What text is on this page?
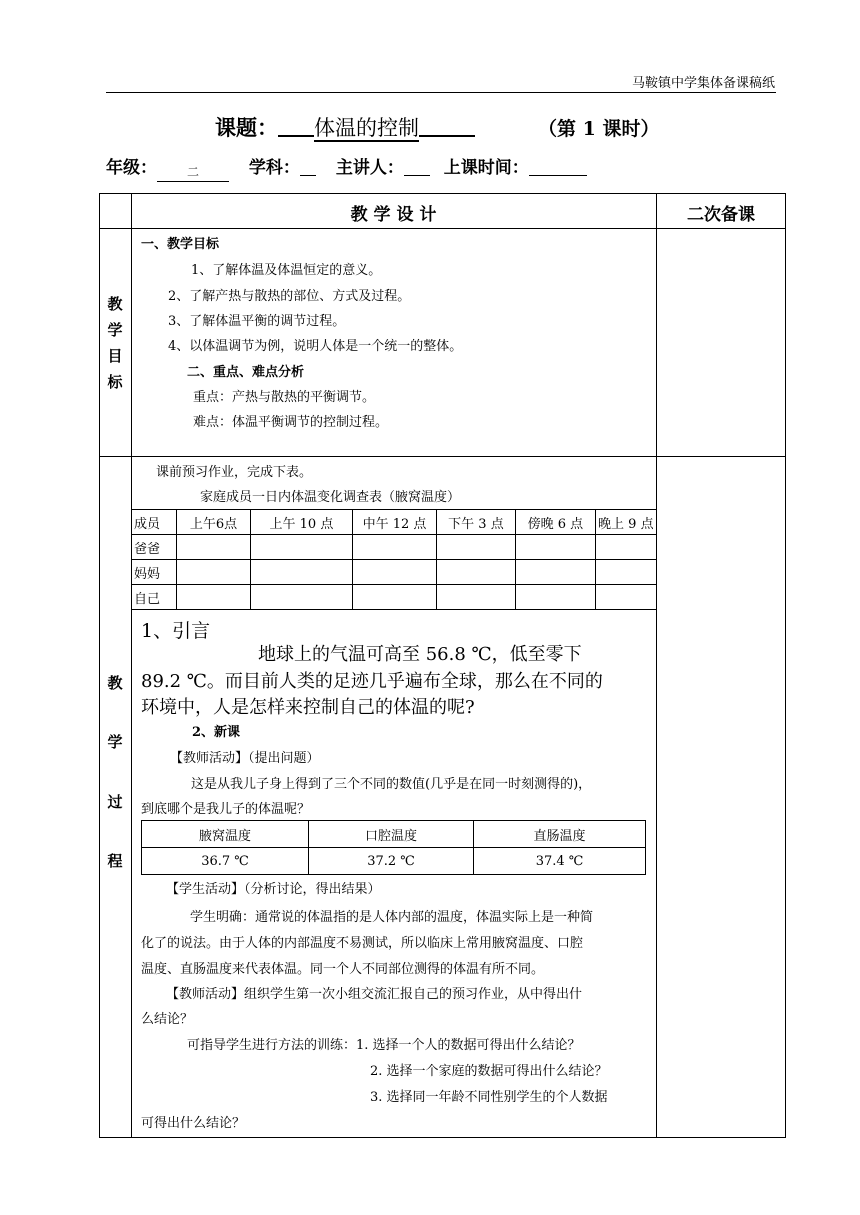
马鞍镇中学集体备课稿纸
课题： 体温的控制	（第 1 课时）
年级： 二	学科： 主讲人： 上课时间：
教 学 设 计	二次备课
教
学
目
标
一、教学目标
1、了解体温及体温恒定的意义。
2、了解产热与散热的部位、方式及过程。
3、了解体温平衡的调节过程。
4、以体温调节为例，说明人体是一个统一的整体。
二、重点、难点分析
重点：产热与散热的平衡调节。
难点：体温平衡调节的控制过程。
教
学
过
程
课前预习作业，完成下表。
家庭成员一日内体温变化调查表（腋窝温度）
成员	上午6点	上午 10 点	中午 12 点	下午 3 点	傍晚 6 点	晚上 9 点
爸爸						
妈妈						
自己						
1、引言
地球上的气温可高至 56.8 ℃，低至零下
89.2 ℃。而目前人类的足迹几乎遍布全球，那么在不同的
环境中，人是怎样来控制自己的体温的呢?
2、新课
【教师活动】（提出问题）
这是从我儿子身上得到了三个不同的数值(几乎是在同一时刻测得的)，
到底哪个是我儿子的体温呢？
腋窝温度	口腔温度	直肠温度
36.7 ℃	37.2 ℃	37.4 ℃
【学生活动】（分析讨论，得出结果）
学生明确：通常说的体温指的是人体内部的温度，体温实际上是一种简
化了的说法。由于人体的内部温度不易测试，所以临床上常用腋窝温度、口腔
温度、直肠温度来代表体温。同一个人不同部位测得的体温有所不同。
【教师活动】组织学生第一次小组交流汇报自己的预习作业，从中得出什
么结论？
可指导学生进行方法的训练：1. 选择一个人的数据可得出什么结论？
2. 选择一个家庭的数据可得出什么结论？
3. 选择同一年龄不同性别学生的个人数据
可得出什么结论？
